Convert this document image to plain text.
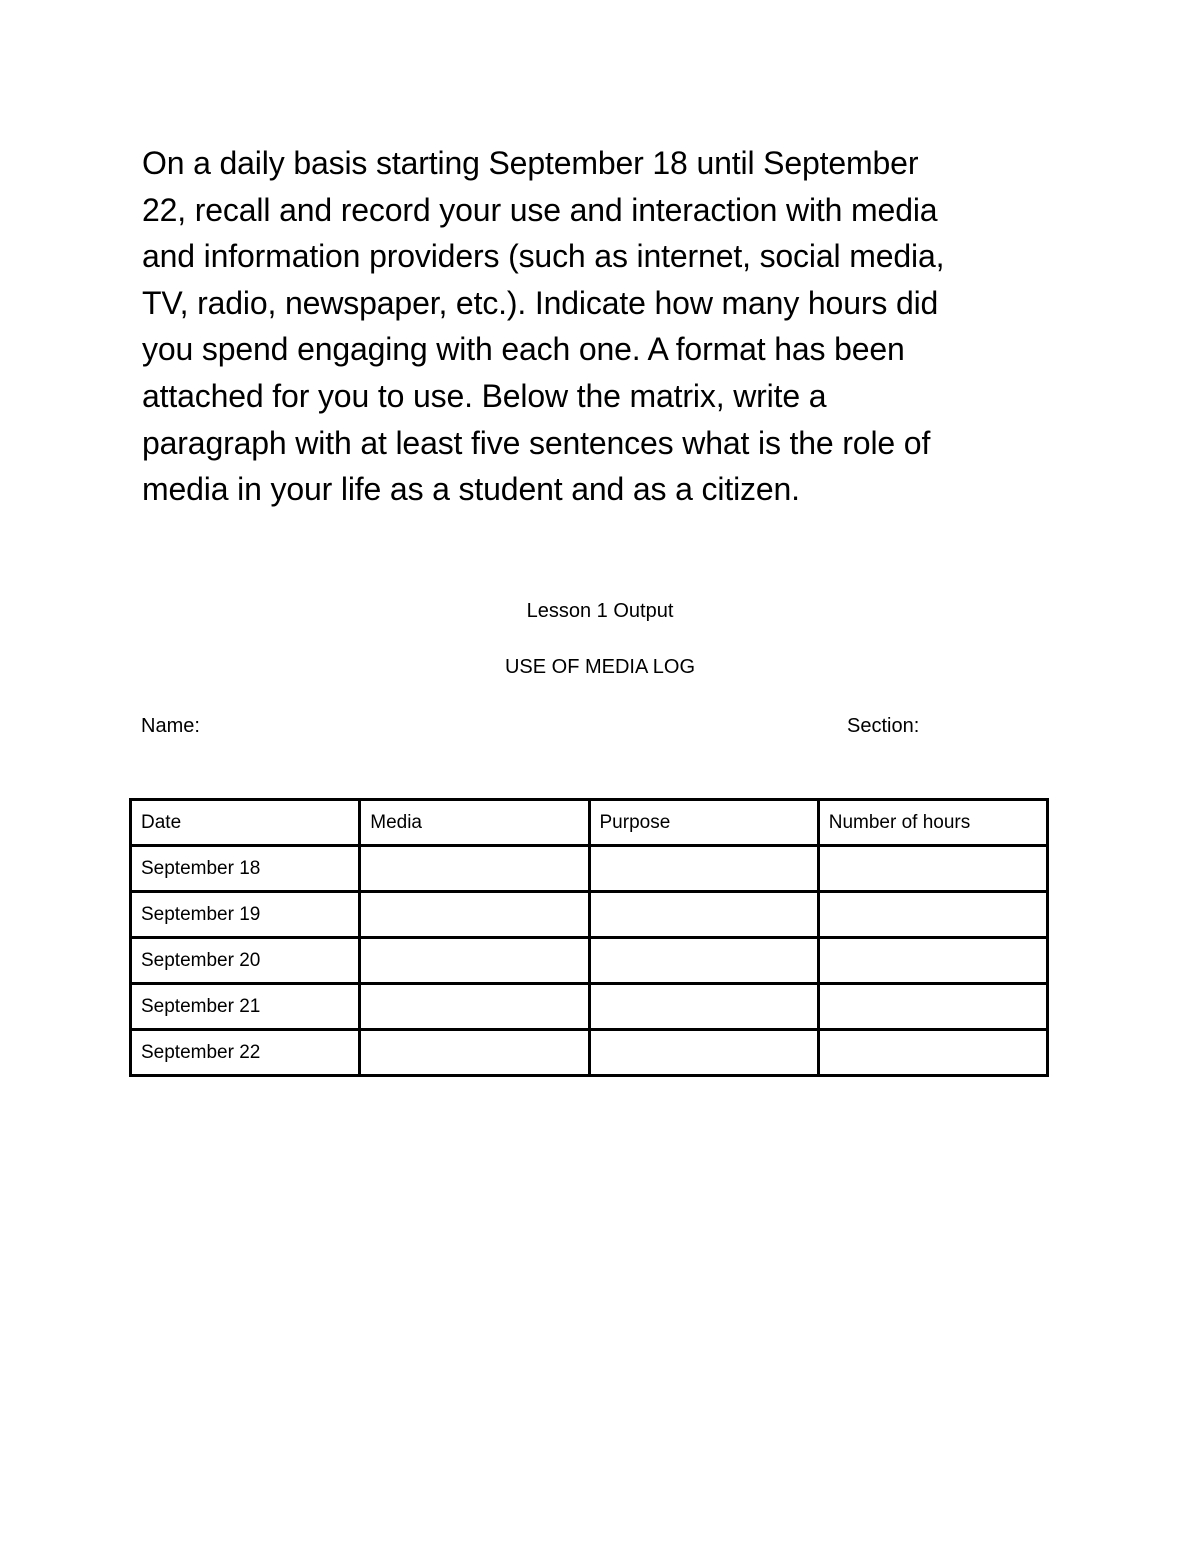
On a daily basis starting September 18 until September
22, recall and record your use and interaction with media
and information providers (such as internet, social media,
TV, radio, newspaper, etc.). Indicate how many hours did
you spend engaging with each one. A format has been
attached for you to use. Below the matrix, write a
paragraph with at least five sentences what is the role of
media in your life as a student and as a citizen.

Lesson 1 Output
USE OF MEDIA LOG
Name:	Section:
Date	Media	Purpose	Number of hours
September 18			
September 19			
September 20			
September 21			
September 22			
